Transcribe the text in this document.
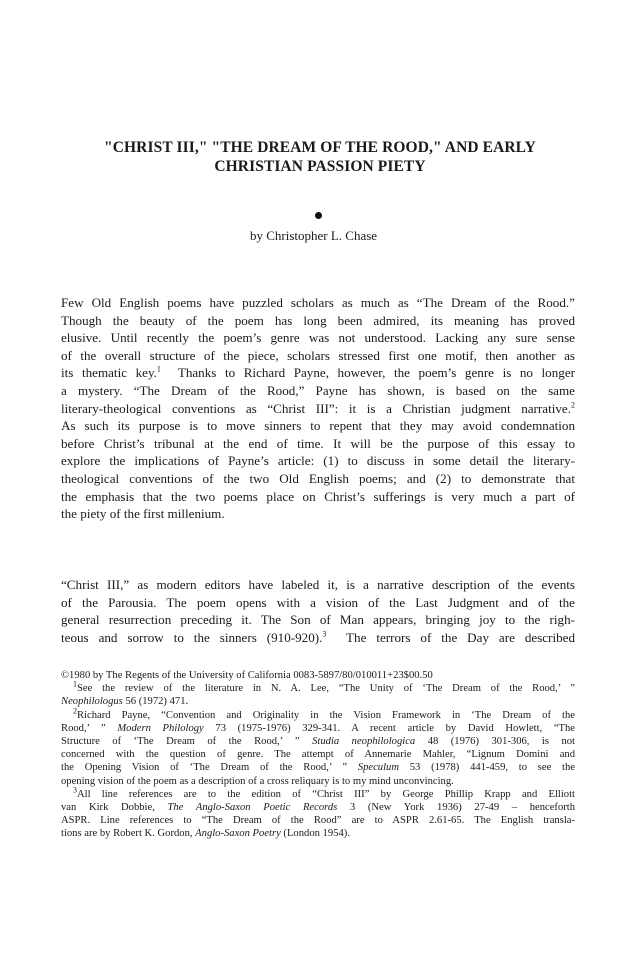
"CHRIST III," "THE DREAM OF THE ROOD," AND EARLY
CHRISTIAN PASSION PIETY
by Christopher L. Chase
Few Old English poems have puzzled scholars as much as “The Dream of the Rood.”
Though the beauty of the poem has long been admired, its meaning has proved
elusive. Until recently the poem’s genre was not understood. Lacking any sure sense
of the overall structure of the piece, scholars stressed first one motif, then another as
its thematic key.$^1$ Thanks to Richard Payne, however, the poem’s genre is no longer
a mystery. “The Dream of the Rood,” Payne has shown, is based on the same
literary-theological conventions as “Christ III”: it is a Christian judgment narrative.$^2$
As such its purpose is to move sinners to repent that they may avoid condemnation
before Christ’s tribunal at the end of time. It will be the purpose of this essay to
explore the implications of Payne’s article: (1) to discuss in some detail the literary-
theological conventions of the two Old English poems; and (2) to demonstrate that
the emphasis that the two poems place on Christ’s sufferings is very much a part of
the piety of the first millenium.
“Christ III,” as modern editors have labeled it, is a narrative description of the events
of the Parousia. The poem opens with a vision of the Last Judgment and of the
general resurrection preceding it. The Son of Man appears, bringing joy to the righ-
teous and sorrow to the sinners (910-920).$^3$ The terrors of the Day are described
©1980 by The Regents of the University of California 0083-5897/80/010011+23$00.50
$^1$See the review of the literature in N. A. Lee, “The Unity of ‘The Dream of the Rood,’ ”
Neophilologus 56 (1972) 471.
$^2$Richard Payne, “Convention and Originality in the Vision Framework in ‘The Dream of the
Rood,’ ” Modern Philology 73 (1975-1976) 329-341. A recent article by David Howlett, “The
Structure of ‘The Dream of the Rood,’ ” Studia neophilologica 48 (1976) 301-306, is not
concerned with the question of genre. The attempt of Annemarie Mahler, “Lignum Domini and
the Opening Vision of ‘The Dream of the Rood,’ ” Speculum 53 (1978) 441-459, to see the
opening vision of the poem as a description of a cross reliquary is to my mind unconvincing.
$^3$All line references are to the edition of “Christ III” by George Phillip Krapp and Elliott
van Kirk Dobbie, The Anglo-Saxon Poetic Records 3 (New York 1936) 27-49 – henceforth
ASPR. Line references to “The Dream of the Rood” are to ASPR 2.61-65. The English transla-
tions are by Robert K. Gordon, Anglo-Saxon Poetry (London 1954).
